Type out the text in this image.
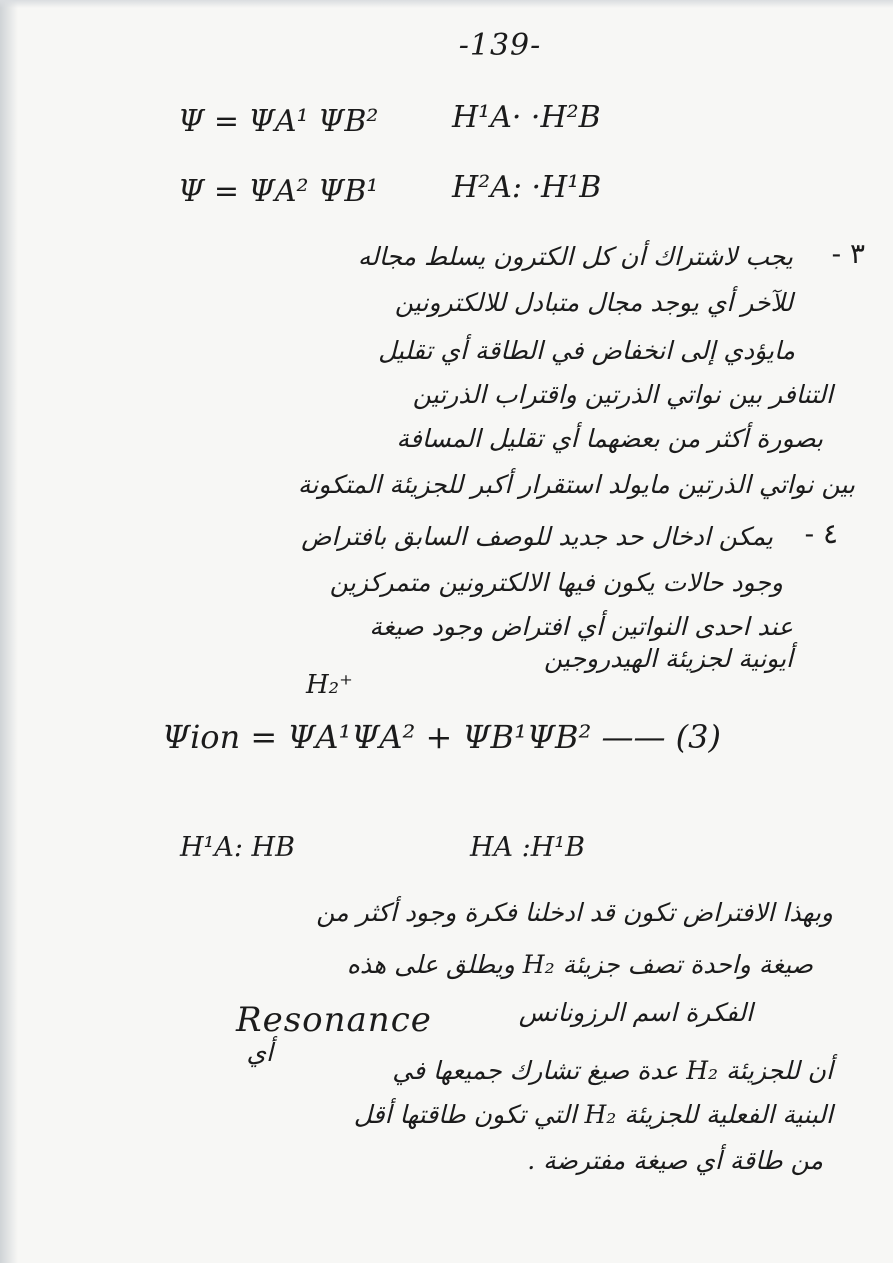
-139-
Ψ = ΨA¹ ΨB² H¹A· ·H²B
Ψ = ΨA² ΨB¹ H²A: ·H¹B
٣ -
يجب لاشتراك أن كل الكترون يسلط مجاله
للآخر أي يوجد مجال متبادل للالكترونين
مايؤدي إلى انخفاض في الطاقة أي تقليل
التنافر بين نواتي الذرتين واقتراب الذرتين
بصورة أكثر من بعضهما أي تقليل المسافة
بين نواتي الذرتين مايولد استقرار أكبر للجزيئة المتكونة
٤ -
يمكن ادخال حد جديد للوصف السابق بافتراض
وجود حالات يكون فيها الالكترونين متمركزين
عند احدى النواتين أي افتراض وجود صيغة
أيونية لجزيئة الهيدروجين
H₂⁺
Ψion = ΨA¹ΨA² + ΨB¹ΨB² —— (3)
H¹A: HB	HA :H¹B
وبهذا الافتراض تكون قد ادخلنا فكرة وجود أكثر من
صيغة واحدة تصف جزيئة H₂ ويطلق على هذه
الفكرة اسم الرزونانس
Resonance
أي
أن للجزيئة H₂ عدة صيغ تشارك جميعها في
البنية الفعلية للجزيئة H₂ التي تكون طاقتها أقل
من طاقة أي صيغة مفترضة .
